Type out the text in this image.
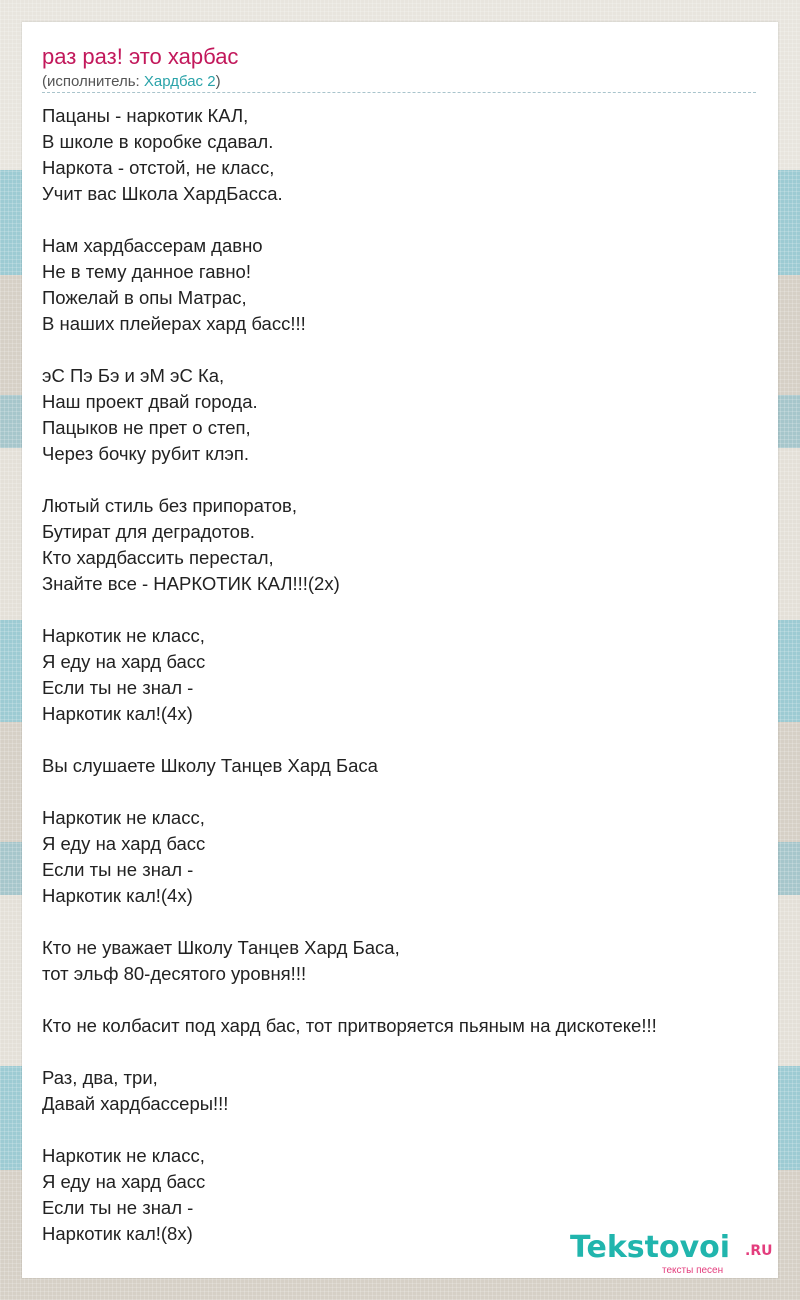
раз раз! это харбас
(исполнитель: Хардбас 2)
Пацаны - наркотик КАЛ,
В школе в коробке сдавал.
Наркота - отстой, не класс,
Учит вас Школа ХардБасса.
Нам хардбассерам давно
Не в тему данное гавно!
Пожелай в опы Матрас,
В наших плейерах хард басс!!!
эС Пэ Бэ и эМ эС Ка,
Наш проект двай города.
Пацыков не прет о степ,
Через бочку рубит клэп.
Лютый стиль без припоратов,
Бутират для деградотов.
Кто хардбассить перестал,
Знайте все - НАРКОТИК КАЛ!!!(2х)
Наркотик не класс,
Я еду на хард басс
Если ты не знал -
Наркотик кал!(4х)
Вы слушаете Школу Танцев Хард Баса
Наркотик не класс,
Я еду на хард басс
Если ты не знал -
Наркотик кал!(4х)
Кто не уважает Школу Танцев Хард Баса,
тот эльф 80-десятого уровня!!!
Кто не колбасит под хард бас, тот притворяется пьяным на дискотеке!!!
Раз, два, три,
Давай хардбассеры!!!
Наркотик не класс,
Я еду на хард басс
Если ты не знал -
Наркотик кал!(8х)	Tekstovoi .RU
тексты песен
